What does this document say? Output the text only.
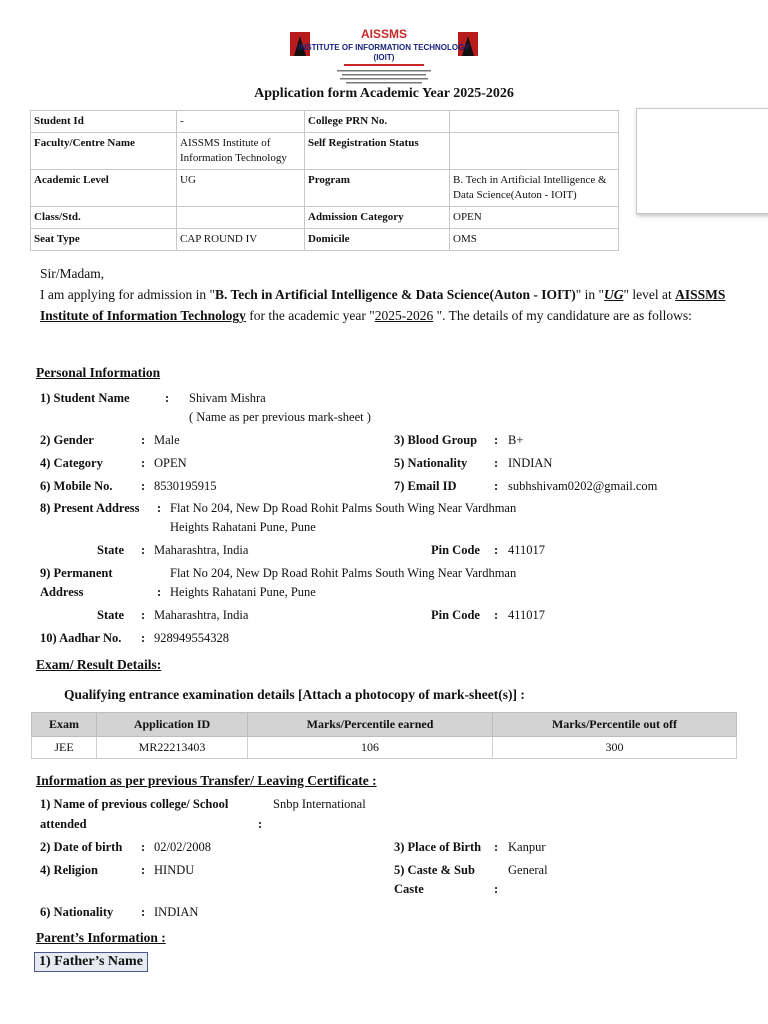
AISSMS
INSTITUTE OF INFORMATION TECHNOLOGY
(IOIT)
Application form Academic Year 2025-2026
Student Id	-	College PRN No.	
Faculty/Centre Name	AISSMS Institute of Information Technology	Self Registration Status	
Academic Level	UG	Program	B. Tech in Artificial Intelligence & Data Science(Auton - IOIT)
Class/Std.		Admission Category	OPEN
Seat Type	CAP ROUND IV	Domicile	OMS
Sir/Madam,
I am applying for admission in "B. Tech in Artificial Intelligence & Data Science(Auton - IOIT)" in "UG" level at AISSMS Institute of Information Technology for the academic year "2025-2026 ". The details of my candidature are as follows:
Personal Information
1) Student Name	: Shivam Mishra
( Name as per previous mark-sheet )
2) Gender	: Male	3) Blood Group : B+
4) Category	: OPEN	5) Nationality : INDIAN
6) Mobile No. : 8530195915	7) Email ID	: subhshivam0202@gmail.com
8) Present Address : Flat No 204, New Dp Road Rohit Palms South Wing Near Vardhman
Heights Rahatani Pune, Pune
State : Maharashtra, India	Pin Code : 411017
9) Permanent
Address	:
Flat No 204, New Dp Road Rohit Palms South Wing Near Vardhman
Heights Rahatani Pune, Pune
State : Maharashtra, India	Pin Code : 411017
10) Aadhar No. : 928949554328
Exam/ Result Details:
Qualifying entrance examination details [Attach a photocopy of mark-sheet(s)] :
Exam	Application ID	Marks/Percentile earned	Marks/Percentile out off
JEE	MR22213403	106	300
Information as per previous Transfer/ Leaving Certificate :
1) Name of previous college/ School
attended	:
Snbp International
2) Date of birth : 02/02/2008	3) Place of Birth : Kanpur
4) Religion	: HINDU	5) Caste & Sub
Caste	:
General
6) Nationality : INDIAN
Parent’s Information :
1) Father’s Name
